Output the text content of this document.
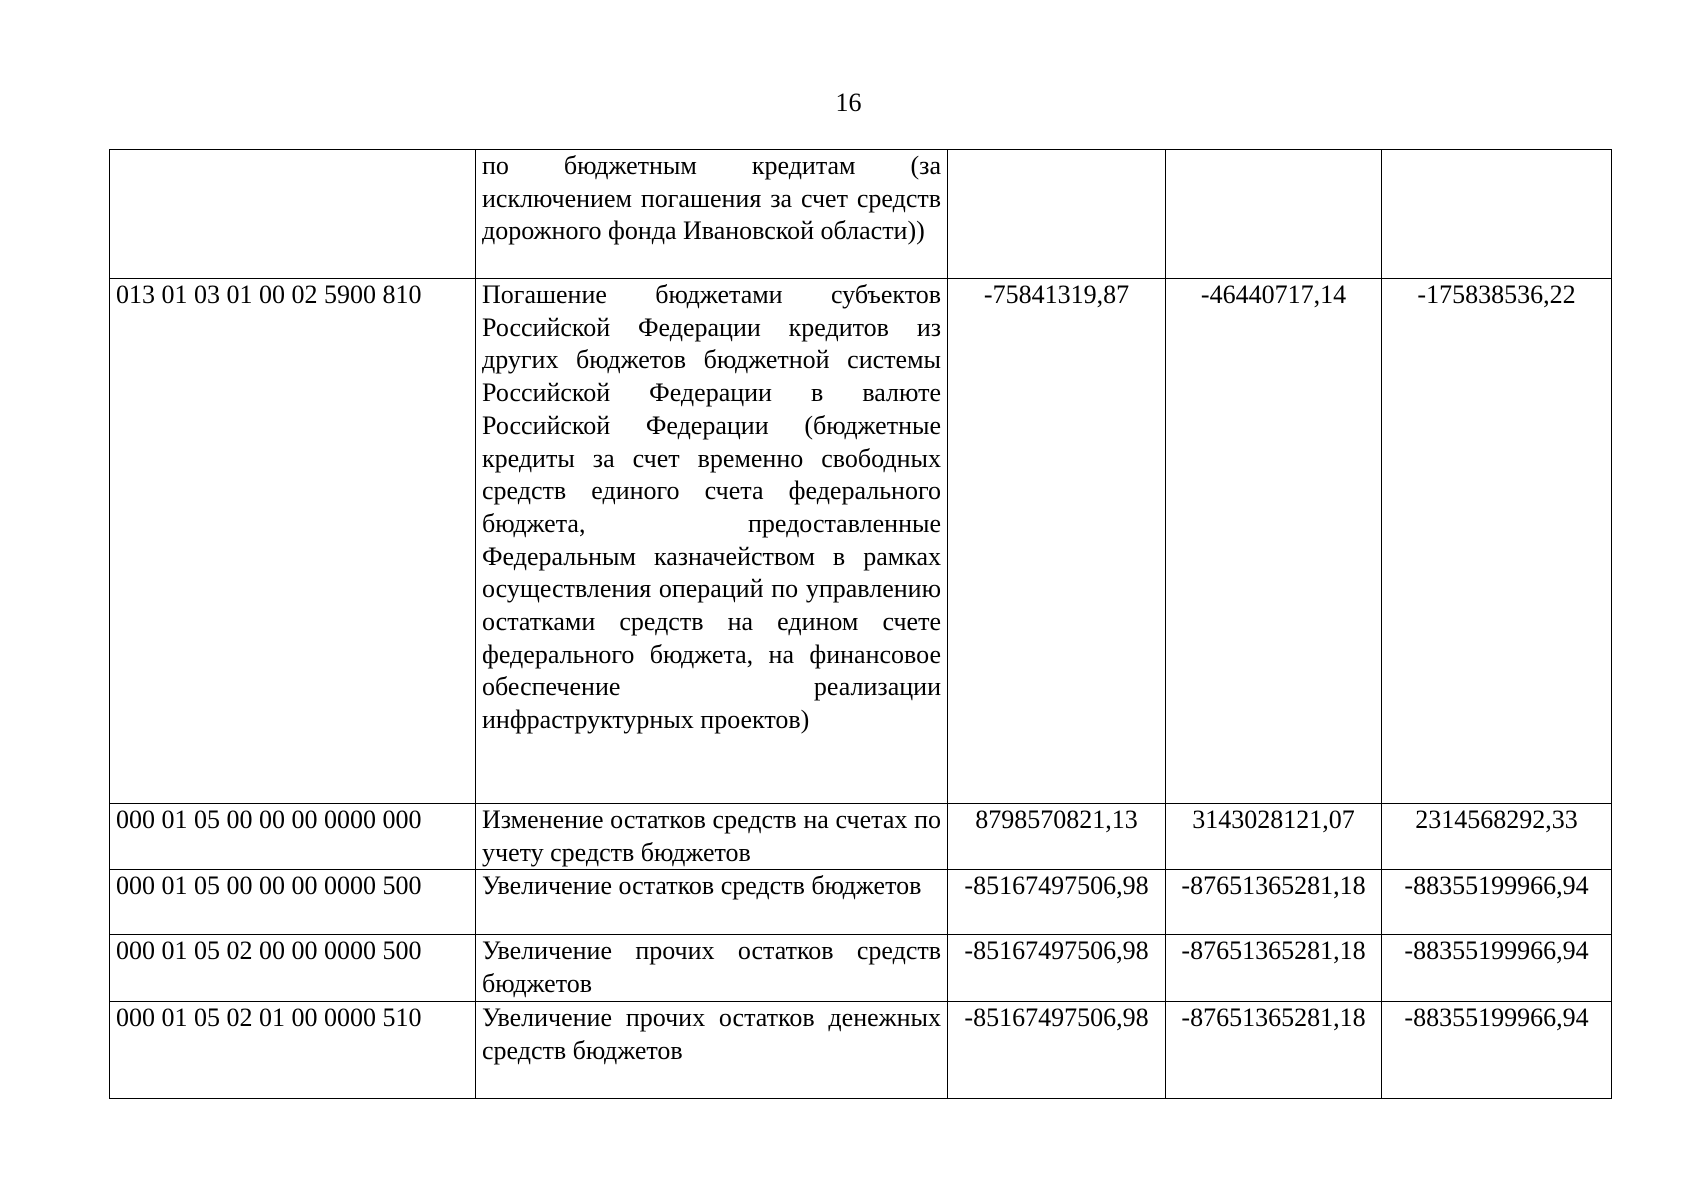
16
	по бюджетным кредитам (за исключением погашения за счет средств дорожного фонда Ивановской области))			
013 01 03 01 00 02 5900 810	Погашение бюджетами субъектов Российской Федерации кредитов из других бюджетов бюджетной системы Российской Федерации в валюте Российской Федерации (бюджетные кредиты за счет временно свободных средств единого счета федерального бюджета, предоставленные Федеральным казначейством в рамках осуществления операций по управлению остатками средств на едином счете федерального бюджета, на финансовое обеспечение реализации инфраструктурных проектов)	-75841319,87	-46440717,14	-175838536,22
000 01 05 00 00 00 0000 000	Изменение остатков средств на счетах по учету средств бюджетов	8798570821,13	3143028121,07	2314568292,33
000 01 05 00 00 00 0000 500	Увеличение остатков средств бюджетов	-85167497506,98	-87651365281,18	-88355199966,94
000 01 05 02 00 00 0000 500	Увеличение прочих остатков средств бюджетов	-85167497506,98	-87651365281,18	-88355199966,94
000 01 05 02 01 00 0000 510	Увеличение прочих остатков денежных средств бюджетов	-85167497506,98	-87651365281,18	-88355199966,94
